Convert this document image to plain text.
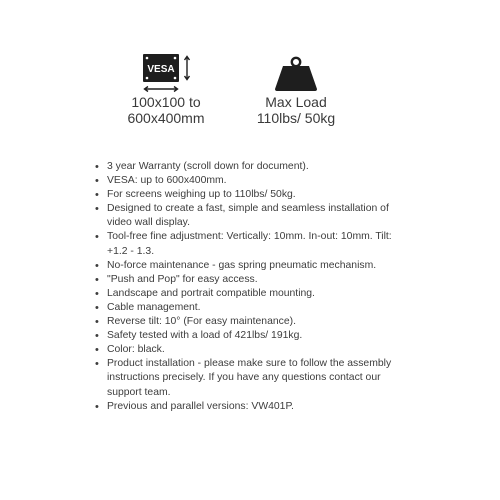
VESA
100x100 to
600x400mm
Max Load
110lbs/ 50kg
• 3 year Warranty (scroll down for document).
• VESA: up to 600x400mm.
• For screens weighing up to 110lbs/ 50kg.
• Designed to create a fast, simple and seamless installation of video wall display.
• Tool-free fine adjustment: Vertically: 10mm. In-out: 10mm. Tilt: +1.2 - 1.3.
• No-force maintenance - gas spring pneumatic mechanism.
• "Push and Pop" for easy access.
• Landscape and portrait compatible mounting.
• Cable management.
• Reverse tilt: 10° (For easy maintenance).
• Safety tested with a load of 421lbs/ 191kg.
• Color: black.
• Product installation - please make sure to follow the assembly instructions precisely. If you have any questions contact our support team.
• Previous and parallel versions: VW401P.
